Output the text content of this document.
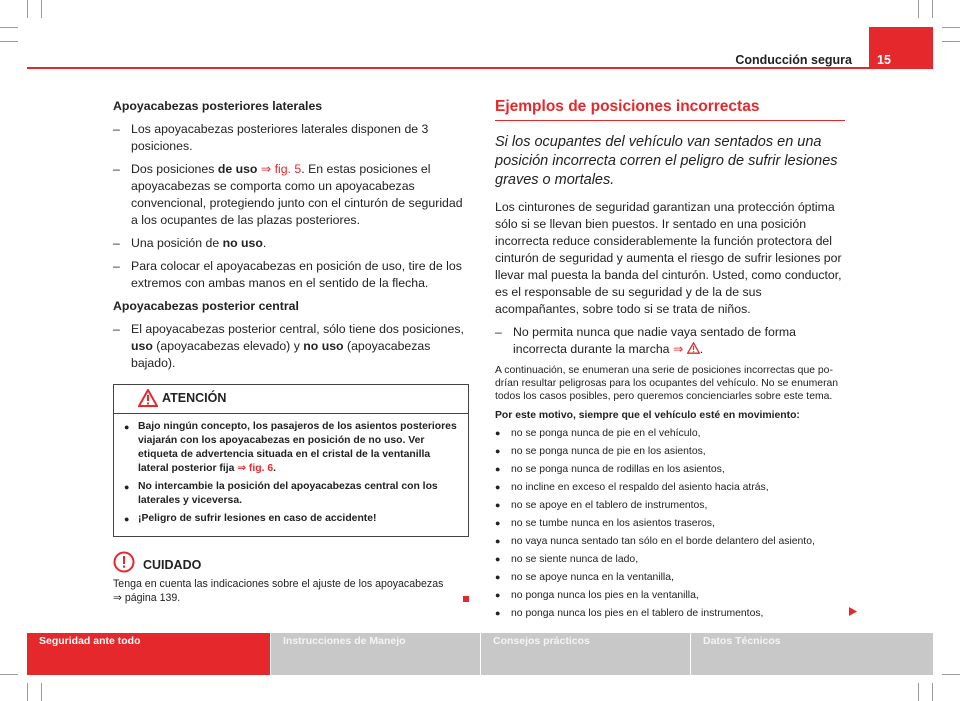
Conducción segura 15
Apoyacabezas posteriores laterales
– Los apoyacabezas posteriores laterales disponen de 3 posiciones.
– Dos posiciones de uso ⇒ fig. 5. En estas posiciones el apoyacabezas se comporta como un apoyacabezas convencional, protegiendo junto con el cinturón de seguridad a los ocupantes de las plazas posteriores.
– Una posición de no uso.
– Para colocar el apoyacabezas en posición de uso, tire de los extremos con ambas manos en el sentido de la flecha.
Apoyacabezas posterior central
– El apoyacabezas posterior central, sólo tiene dos posiciones, uso (apoyacabezas elevado) y no uso (apoyacabezas bajado).
ATENCIÓN
● Bajo ningún concepto, los pasajeros de los asientos posteriores viajarán con los apoyacabezas en posición de no uso. Ver etiqueta de advertencia situada en el cristal de la ventanilla lateral posterior fija ⇒ fig. 6.
● No intercambie la posición del apoyacabezas central con los laterales y viceversa.
● ¡Peligro de sufrir lesiones en caso de accidente!
CUIDADO
Tenga en cuenta las indicaciones sobre el ajuste de los apoyacabezas
⇒ página 139.
Ejemplos de posiciones incorrectas
Si los ocupantes del vehículo van sentados en una posición incorrecta corren el peligro de sufrir lesiones graves o mortales.
Los cinturones de seguridad garantizan una protección óptima sólo si se llevan bien puestos. Ir sentado en una posición incorrecta reduce considerablemente la función protectora del cinturón de seguridad y aumenta el riesgo de sufrir lesiones por llevar mal puesta la banda del cinturón. Usted, como conductor, es el responsable de su seguridad y de la de sus acompañantes, sobre todo si se trata de niños.
– No permita nunca que nadie vaya sentado de forma incorrecta durante la marcha ⇒ .
A continuación, se enumeran una serie de posiciones incorrectas que podrían resultar peligrosas para los ocupantes del vehículo. No se enumeran todos los casos posibles, pero queremos concienciarles sobre este tema.
Por este motivo, siempre que el vehículo esté en movimiento:
● no se ponga nunca de pie en el vehículo,
● no se ponga nunca de pie en los asientos,
● no se ponga nunca de rodillas en los asientos,
● no incline en exceso el respaldo del asiento hacia atrás,
● no se apoye en el tablero de instrumentos,
● no se tumbe nunca en los asientos traseros,
● no vaya nunca sentado tan sólo en el borde delantero del asiento,
● no se siente nunca de lado,
● no se apoye nunca en la ventanilla,
● no ponga nunca los pies en la ventanilla,
● no ponga nunca los pies en el tablero de instrumentos,
Seguridad ante todo	Instrucciones de Manejo	Consejos prácticos	Datos Técnicos
